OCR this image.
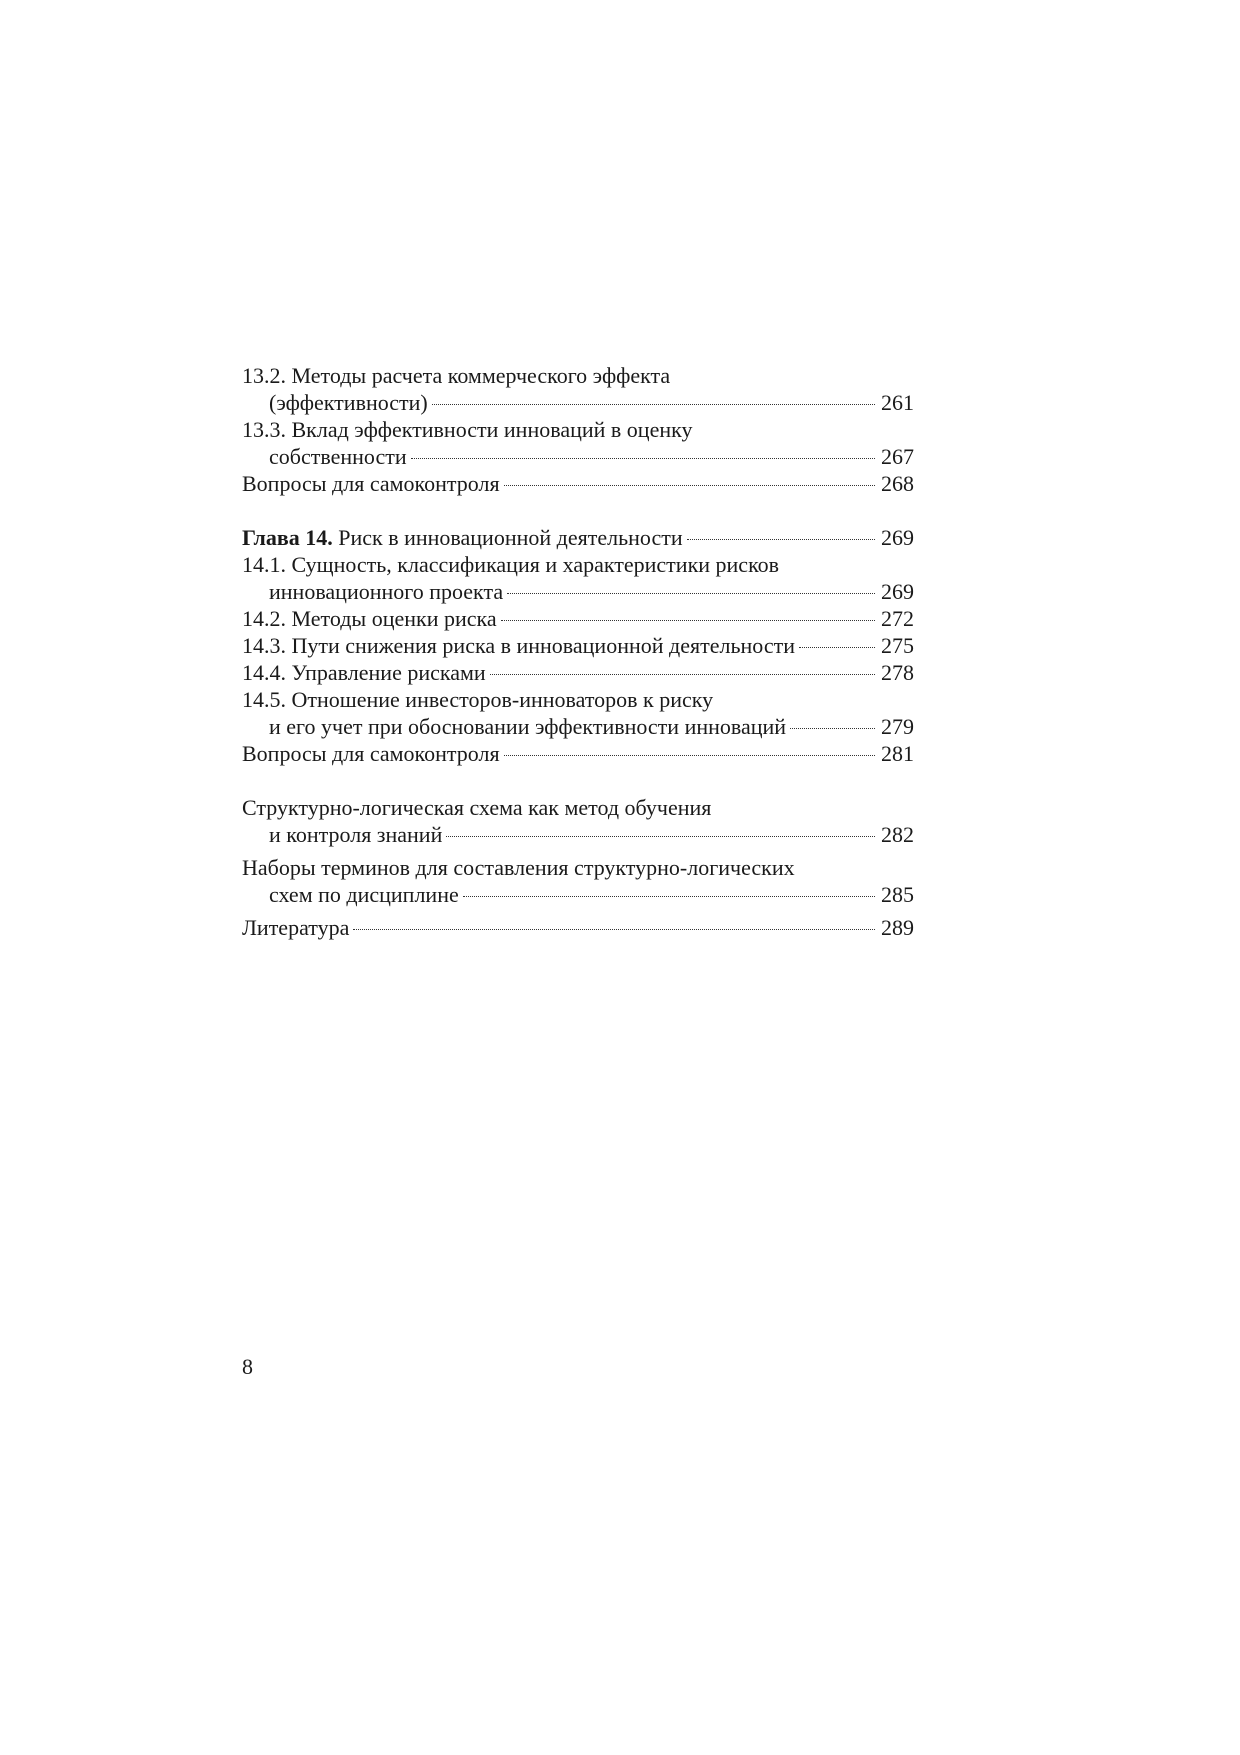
13.2. Методы расчета коммерческого эффекта
(эффективности)	261
13.3. Вклад эффективности инноваций в оценку
собственности	267
Вопросы для самоконтроля	268
Глава 14. Риск в инновационной деятельности	269
14.1. Сущность, классификация и характеристики рисков
инновационного проекта	269
14.2. Методы оценки риска	272
14.3. Пути снижения риска в инновационной деятельности	275
14.4. Управление рисками	278
14.5. Отношение инвесторов-инноваторов к риску
и его учет при обосновании эффективности инноваций	279
Вопросы для самоконтроля	281
Структурно-логическая схема как метод обучения
и контроля знаний	282
Наборы терминов для составления структурно-логических
схем по дисциплине	285
Литература	289
8
